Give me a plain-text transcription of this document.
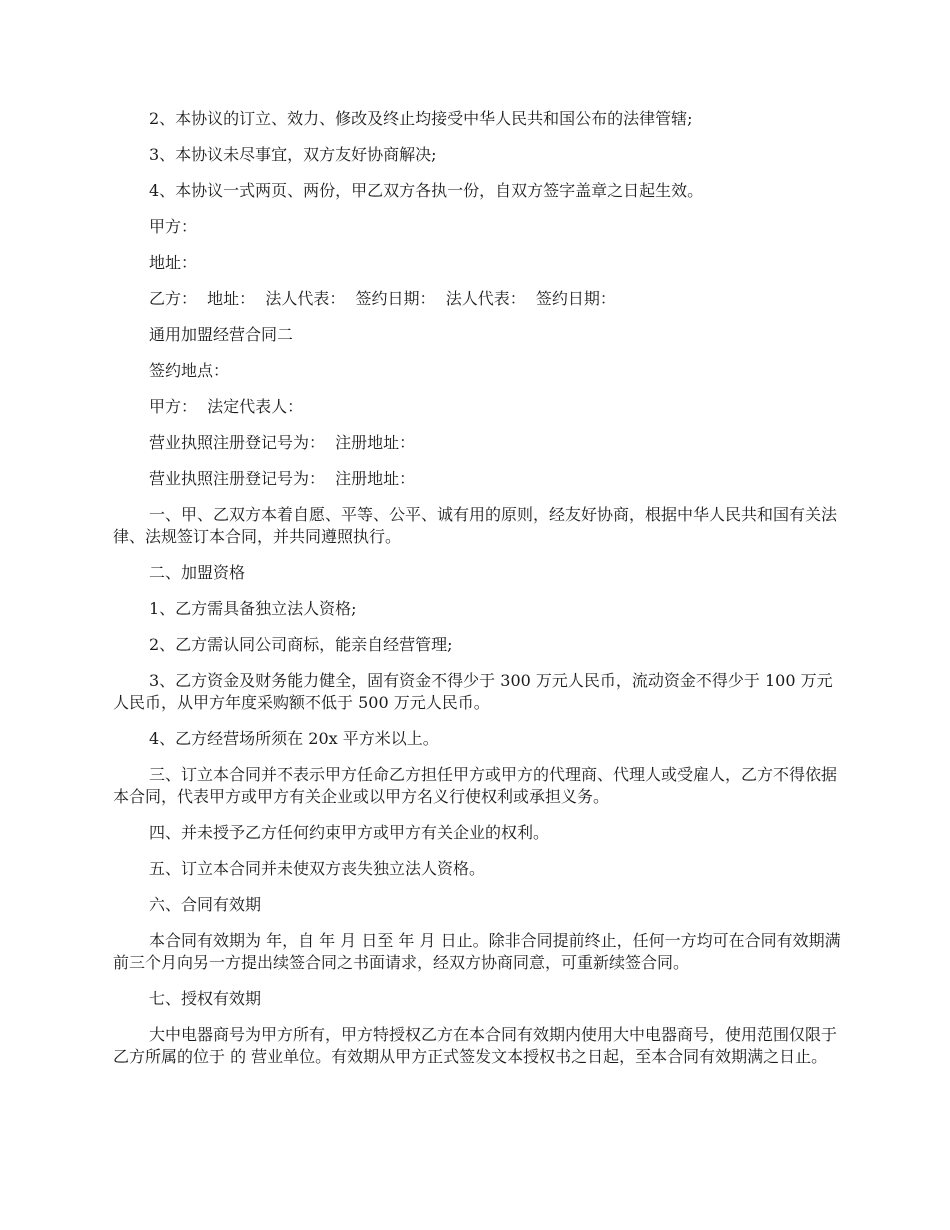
2、本协议的订立、效力、修改及终止均接受中华人民共和国公布的法律管辖;

3、本协议未尽事宜，双方友好协商解决;

4、本协议一式两页、两份，甲乙双方各执一份，自双方签字盖章之日起生效。

甲方：

地址：

乙方：  地址：  法人代表：  签约日期：  法人代表：  签约日期：

通用加盟经营合同二

签约地点：

甲方：  法定代表人：

营业执照注册登记号为：  注册地址：

营业执照注册登记号为：  注册地址：

一、甲、乙双方本着自愿、平等、公平、诚有用的原则，经友好协商，根据中华人民共和国有关法律、法规签订本合同，并共同遵照执行。

二、加盟资格

1、乙方需具备独立法人资格;

2、乙方需认同公司商标，能亲自经营管理;

3、乙方资金及财务能力健全，固有资金不得少于 300 万元人民币，流动资金不得少于 100 万元人民币，从甲方年度采购额不低于 500 万元人民币。

4、乙方经营场所须在 20x 平方米以上。

三、订立本合同并不表示甲方任命乙方担任甲方或甲方的代理商、代理人或受雇人，乙方不得依据本合同，代表甲方或甲方有关企业或以甲方名义行使权利或承担义务。

四、并未授予乙方任何约束甲方或甲方有关企业的权利。

五、订立本合同并未使双方丧失独立法人资格。

六、合同有效期

本合同有效期为 年，自 年 月 日至 年 月 日止。除非合同提前终止，任何一方均可在合同有效期满前三个月向另一方提出续签合同之书面请求，经双方协商同意，可重新续签合同。

七、授权有效期

大中电器商号为甲方所有，甲方特授权乙方在本合同有效期内使用大中电器商号，使用范围仅限于乙方所属的位于 的 营业单位。有效期从甲方正式签发文本授权书之日起，至本合同有效期满之日止。
